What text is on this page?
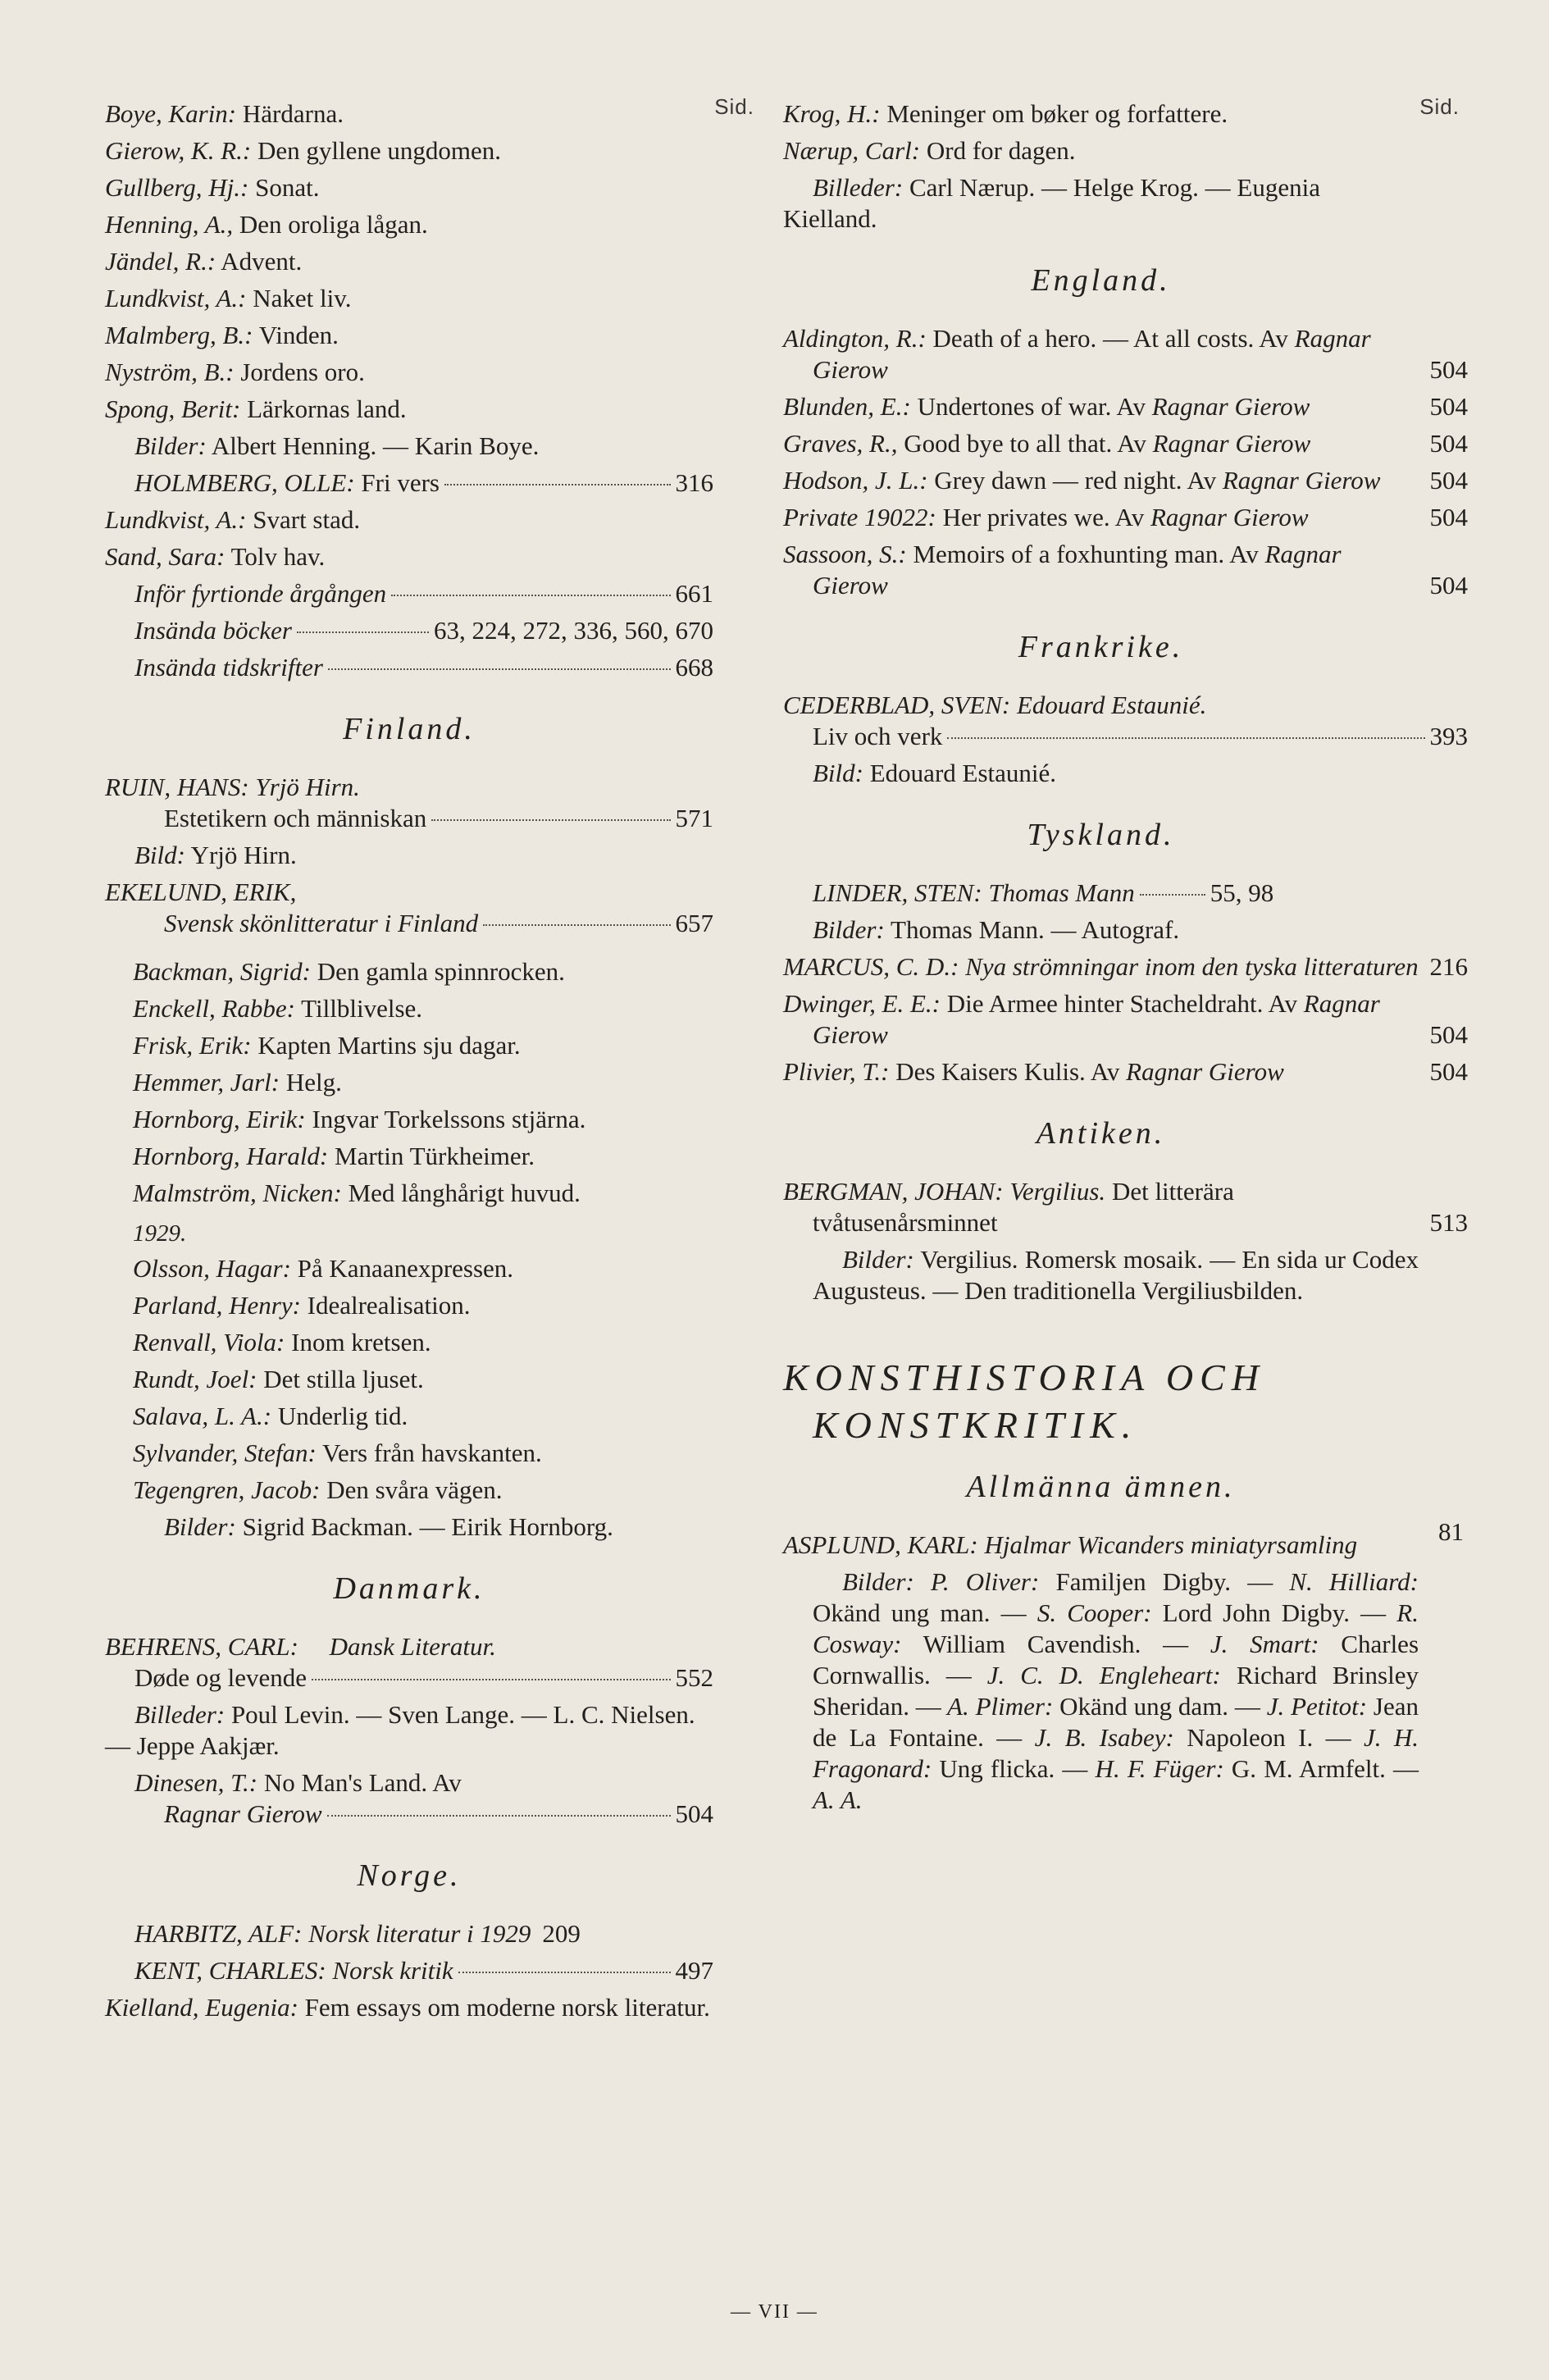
Sid.
Boye, Karin: Härdarna.
Gierow, K. R.: Den gyllene ungdomen.
Gullberg, Hj.: Sonat.
Henning, A., Den oroliga lågan.
Jändel, R.: Advent.
Lundkvist, A.: Naket liv.
Malmberg, B.: Vinden.
Nyström, B.: Jordens oro.
Spong, Berit: Lärkornas land.
Bilder: Albert Henning. — Karin Boye.
HOLMBERG, OLLE: Fri vers	316
Lundkvist, A.: Svart stad.
Sand, Sara: Tolv hav.
Inför fyrtionde årgången	661
Insända böcker	63, 224, 272, 336, 560, 670
Insända tidskrifter	668
Finland.
RUIN, HANS: Yrjö Hirn.
Estetikern och människan	571
Bild: Yrjö Hirn.
EKELUND, ERIK,
Svensk skönlitteratur i Finland	657
Backman, Sigrid: Den gamla spinnrocken.
Enckell, Rabbe: Tillblivelse.
Frisk, Erik: Kapten Martins sju dagar.
Hemmer, Jarl: Helg.
Hornborg, Eirik: Ingvar Torkelssons stjärna.
Hornborg, Harald: Martin Türkheimer.
Malmström, Nicken: Med långhårigt huvud.
1929.
Olsson, Hagar: På Kanaanexpressen.
Parland, Henry: Idealrealisation.
Renvall, Viola: Inom kretsen.
Rundt, Joel: Det stilla ljuset.
Salava, L. A.: Underlig tid.
Sylvander, Stefan: Vers från havskanten.
Tegengren, Jacob: Den svåra vägen.
Bilder: Sigrid Backman. — Eirik Hornborg.
Danmark.
BEHRENS, CARL: Dansk Literatur.
Døde og levende	552
Billeder: Poul Levin. — Sven Lange. — L. C. Nielsen. — Jeppe Aakjær.
Dinesen, T.: No Man's Land. Av
Ragnar Gierow	504
Norge.
HARBITZ, ALF: Norsk literatur i 1929 209
KENT, CHARLES: Norsk kritik	497
Kielland, Eugenia: Fem essays om moderne norsk literatur.
Sid.
Krog, H.: Meninger om bøker og forfattere.
Nærup, Carl: Ord for dagen.
Billeder: Carl Nærup. — Helge Krog. — Eugenia Kielland.
England.
Aldington, R.: Death of a hero. — At all costs. Av Ragnar Gierow	504
Blunden, E.: Undertones of war. Av Ragnar Gierow	504
Graves, R., Good bye to all that. Av Ragnar Gierow	504
Hodson, J. L.: Grey dawn — red night. Av Ragnar Gierow 504
Private 19022: Her privates we. Av Ragnar Gierow	504
Sassoon, S.: Memoirs of a foxhunting man. Av Ragnar Gierow	504
Frankrike.
CEDERBLAD, SVEN: Edouard Estaunié.
Liv och verk	393
Bild: Edouard Estaunié.
Tyskland.
LINDER, STEN: Thomas Mann	55, 98
Bilder: Thomas Mann. — Autograf.
MARCUS, C. D.: Nya strömningar inom den tyska litteraturen 216
Dwinger, E. E.: Die Armee hinter Stacheldraht. Av Ragnar Gierow	504
Plivier, T.: Des Kaisers Kulis. Av Ragnar Gierow	504
Antiken.
BERGMAN, JOHAN: Vergilius. Det litterära tvåtusenårsminnet	513
Bilder: Vergilius. Romersk mosaik. — En sida ur Codex Augusteus. — Den traditionella Vergiliusbilden.
KONSTHISTORIA OCH
KONSTKRITIK.
Allmänna ämnen.
ASPLUND, KARL: Hjalmar Wicanders miniatyrsamling	81
Bilder: P. Oliver: Familjen Digby. — N. Hilliard: Okänd ung man. — S. Cooper: Lord John Digby. — R. Cosway: William Cavendish. — J. Smart: Charles Cornwallis. — J. C. D. Engleheart: Richard Brinsley Sheridan. — A. Plimer: Okänd ung dam. — J. Petitot: Jean de La Fontaine. — J. B. Isabey: Napoleon I. — J. H. Fragonard: Ung flicka. — H. F. Füger: G. M. Armfelt. — A. A.
— VII —
